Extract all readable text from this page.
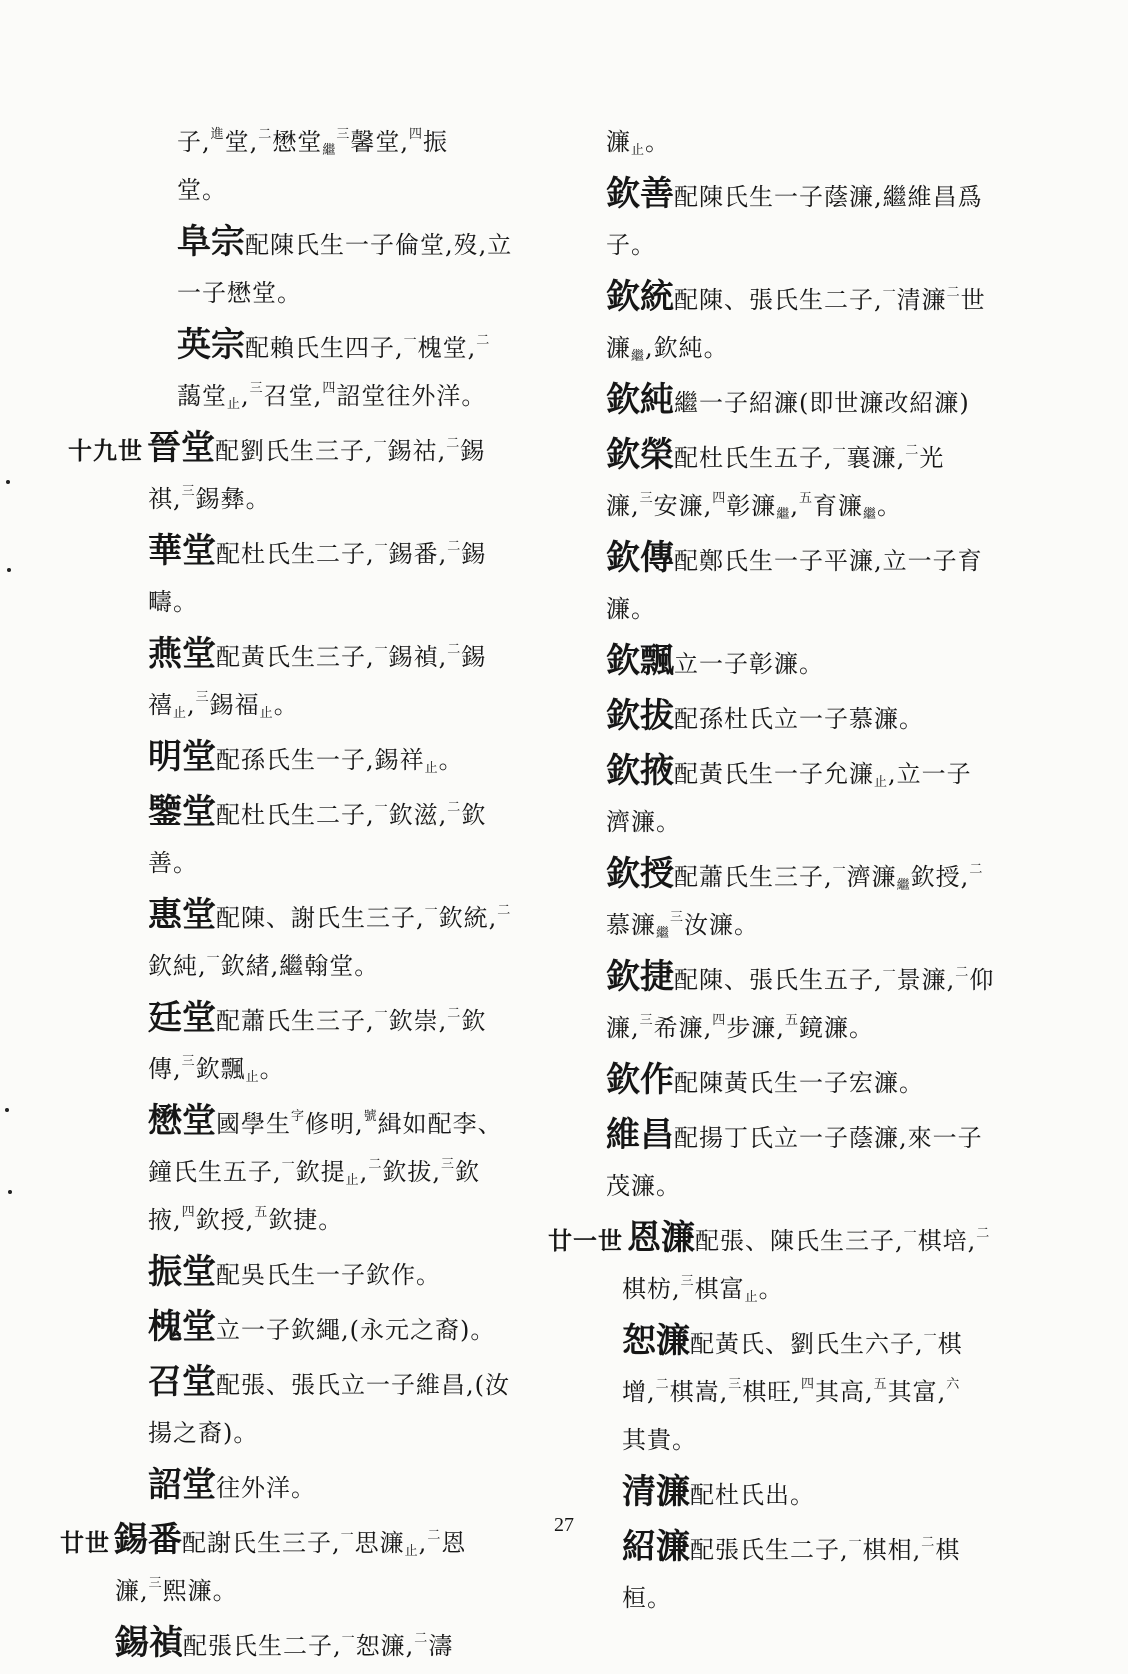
子,$^進$堂,$^二$懋堂$_繼^三$馨堂,$^四$振
堂。
阜宗配陳氏生一子倫堂,歿,立
一子懋堂。
英宗配賴氏生四子,$^一$槐堂,$^二$
藹堂$_止$,$^三$召堂,$^四$詔堂往外洋。
十九世 晉堂配劉氏生三子,$^一$錫祜,$^二$錫
祺,$^三$錫彝。
華堂配杜氏生二子,$^一$錫番,$^二$錫
疇。
燕堂配黃氏生三子,$^一$錫禎,$^二$錫
禧$_止$,$^三$錫福$_止$。
明堂配孫氏生一子,錫祥$_止$。
鑒堂配杜氏生二子,$^一$欽滋,$^二$欽
善。
惠堂配陳、謝氏生三子,$^一$欽統,$^二$
欽純,$^一$欽緒,繼翰堂。
廷堂配蕭氏生三子,$^一$欽崇,$^二$欽
傳,$^三$欽飄$_止$。
懋堂國學生$^字$修明,$^號$緝如配李、
鐘氏生五子,$^一$欽提$_止$,$^二$欽拔,$^三$欽
掖,$^四$欽授,$^五$欽捷。
振堂配吳氏生一子欽作。
槐堂立一子欽繩,(永元之裔)。
召堂配張、張氏立一子維昌,(汝
揚之裔)。
詔堂往外洋。
廿世 錫番配謝氏生三子,$^一$思濂$_止$,$^二$恩
濂,$^三$熙濂。
錫禎配張氏生二子,$^一$恕濂,$^二$濤
濂$_止$。
欽善配陳氏生一子蔭濂,繼維昌爲
子。
欽統配陳、張氏生二子,$^一$清濂$^二$世
濂$_繼$,欽純。
欽純繼一子紹濂(即世濂改紹濂)
欽榮配杜氏生五子,$^一$襄濂,$^二$光
濂,$^三$安濂,$^四$彰濂$_繼$,$^五$育濂$_繼$。
欽傳配鄭氏生一子平濂,立一子育
濂。
欽飄立一子彰濂。
欽拔配孫杜氏立一子慕濂。
欽掖配黃氏生一子允濂$_止$,立一子
濟濂。
欽授配蕭氏生三子,$^一$濟濂$_繼$欽授,$^二$
慕濂$_繼^三$汝濂。
欽捷配陳、張氏生五子,$^一$景濂,$^二$仰
濂,$^三$希濂,$^四$步濂,$^五$鏡濂。
欽作配陳黃氏生一子宏濂。
維昌配揚丁氏立一子蔭濂,來一子
茂濂。
廿一世 恩濂配張、陳氏生三子,$^一$棋培,$^二$
棋枋,$^三$棋富$_止$。
恕濂配黃氏、劉氏生六子,$^一$棋
增,$^二$棋嵩,$^三$棋旺,$^四$其高,$^五$其富,$^六$
其貴。
清濂配杜氏出。
紹濂配張氏生二子,$^一$棋相,$^二$棋
桓。
27
